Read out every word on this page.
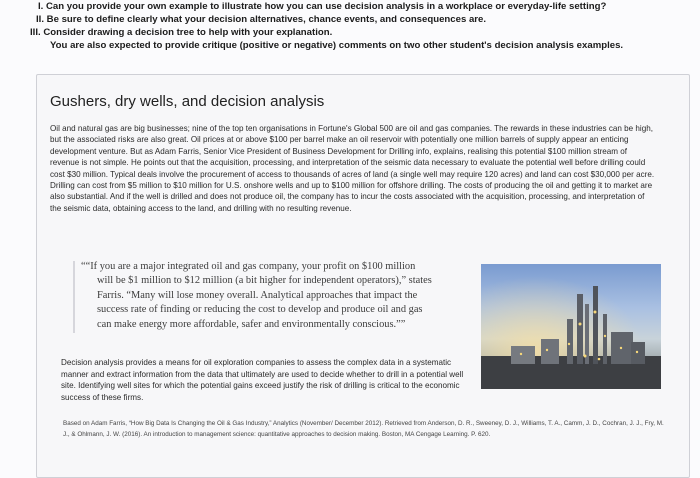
I. Can you provide your own example to illustrate how you can use decision analysis in a workplace or everyday-life setting?
II. Be sure to define clearly what your decision alternatives, chance events, and consequences are.
III. Consider drawing a decision tree to help with your explanation.
You are also expected to provide critique (positive or negative) comments on two other student's decision analysis examples.
Gushers, dry wells, and decision analysis

Oil and natural gas are big businesses; nine of the top ten organisations in Fortune's Global 500 are oil and gas companies. The rewards in these industries can be high, but the associated risks are also great. Oil prices at or above $100 per barrel make an oil reservoir with potentially one million barrels of supply appear an enticing development venture. But as Adam Farris, Senior Vice President of Business Development for Drilling info, explains, realising this potential $100 million stream of revenue is not simple. He points out that the acquisition, processing, and interpretation of the seismic data necessary to evaluate the potential well before drilling could cost $30 million. Typical deals involve the procurement of access to thousands of acres of land (a single well may require 120 acres) and land can cost $30,000 per acre. Drilling can cost from $5 million to $10 million for U.S. onshore wells and up to $100 million for offshore drilling. The costs of producing the oil and getting it to market are also substantial. And if the well is drilled and does not produce oil, the company has to incur the costs associated with the acquisition, processing, and interpretation of the seismic data, obtaining access to the land, and drilling with no resulting revenue.

““If you are a major integrated oil and gas company, your profit on $100 million
will be $1 million to $12 million (a bit higher for independent operators),” states
Farris. “Many will lose money overall. Analytical approaches that impact the
success rate of finding or reducing the cost to develop and produce oil and gas
can make energy more affordable, safer and environmentally conscious.””

Decision analysis provides a means for oil exploration companies to assess the complex data in a systematic manner and extract information from the data that ultimately are used to decide whether to drill in a potential well site. Identifying well sites for which the potential gains exceed justify the risk of drilling is critical to the economic success of these firms.

Based on Adam Farris, “How Big Data Is Changing the Oil & Gas Industry,” Analytics (November/ December 2012). Retrieved from Anderson, D. R., Sweeney, D. J., Williams, T. A., Camm, J. D., Cochran, J. J., Fry, M. J., & Ohlmann, J. W. (2016). An introduction to management science: quantitative approaches to decision making. Boston, MA Cengage Learning. P. 620.
